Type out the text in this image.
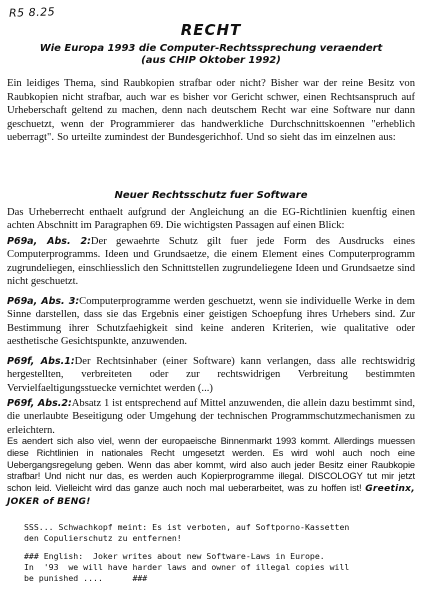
R5 8.25
RECHT
Wie Europa 1993 die Computer-Rechtssprechung veraendert
(aus CHIP Oktober 1992)
Ein leidiges Thema, sind Raubkopien strafbar oder nicht? Bisher war der reine Besitz von Raubkopien nicht strafbar, auch war es bisher vor Gericht schwer, einen Rechtsanspruch auf Urheberschaft geltend zu machen, denn nach deutschem Recht war eine Software nur dann geschuetzt, wenn der Programmierer das handwerkliche Durchschnittskoennen "erheblich ueberragt". So urteilte zumindest der Bundesgerichhof. Und so sieht das im einzelnen aus:
Neuer Rechtsschutz fuer Software
Das Urheberrecht enthaelt aufgrund der Angleichung an die EG-Richtlinien kuenftig einen achten Abschnitt im Paragraphen 69. Die wichtigsten Passagen auf einen Blick:
P69a, Abs. 2:Der gewaehrte Schutz gilt fuer jede Form des Ausdrucks eines Computerprogramms. Ideen und Grundsaetze, die einem Element eines Computerprogramm zugrundeliegen, einschliesslich den Schnittstellen zugrundeliegene Ideen und Grundsaetze sind nicht geschuetzt.
P69a, Abs. 3:Computerprogramme werden geschuetzt, wenn sie individuelle Werke in dem Sinne darstellen, dass sie das Ergebnis einer geistigen Schoepfung ihres Urhebers sind. Zur Bestimmung ihrer Schutzfaehigkeit sind keine anderen Kriterien, wie qualitative oder aesthetische Gesichtspunkte, anzuwenden.
P69f, Abs.1:Der Rechtsinhaber (einer Software) kann verlangen, dass alle rechtswidrig hergestellten, verbreiteten oder zur rechtswidrigen Verbreitung bestimmten Vervielfaeltigungsstuecke vernichtet werden (...)
P69f, Abs.2:Absatz 1 ist entsprechend auf Mittel anzuwenden, die allein dazu bestimmt sind, die unerlaubte Beseitigung oder Umgehung der technischen Programmschutzmechanismen zu erleichtern.
Es aendert sich also viel, wenn der europaeische Binnenmarkt 1993 kommt. Allerdings muessen diese Richtlinien in nationales Recht umgesetzt werden. Es wird wohl auch noch eine Uebergangsregelung geben. Wenn das aber kommt, wird also auch jeder Besitz einer Raubkopie strafbar! Und nicht nur das, es werden auch Kopierprogramme illegal. DISCOLOGY tut mir jetzt schon leid. Vielleicht wird das ganze auch noch mal ueberarbeitet, was zu hoffen ist! Greetinx, JOKER of BENG!
SSS... Schwachkopf meint: Es ist verboten, auf Softporno-Kassetten
den Copulierschutz zu entfernen!
### English:  Joker writes about new Software-Laws in Europe.
In  '93  we will have harder laws and owner of illegal copies will
be punished ....      ###
